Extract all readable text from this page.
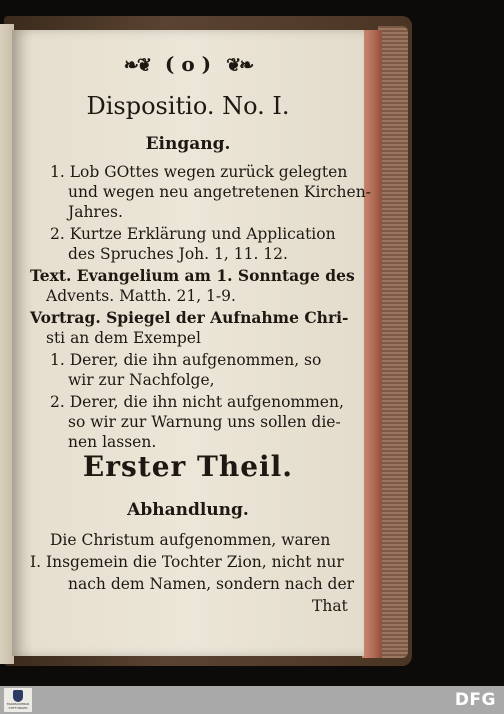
❧❦ ( o ) ❦❧
Dispositio. No. I.
Eingang.
1. Lob GOttes wegen zurück gelegten
und wegen neu angetretenen Kirchen-
Jahres.
2. Kurtze Erklärung und Application
des Spruches Joh. 1, 11. 12.
Text. Evangelium am 1. Sonntage des
Advents. Matth. 21, 1-9.
Vortrag. Spiegel der Aufnahme Chri-
sti an dem Exempel
1. Derer, die ihn aufgenommen, so
wir zur Nachfolge,
2. Derer, die ihn nicht aufgenommen,
so wir zur Warnung uns sollen die-
nen lassen.
Erster Theil.
Abhandlung.
Die Christum aufgenommen, waren
I. Insgemein die Tochter Zion, nicht nur
nach dem Namen, sondern nach der
That
TRANSQUEBAR STIFTUNGEN	DFG
